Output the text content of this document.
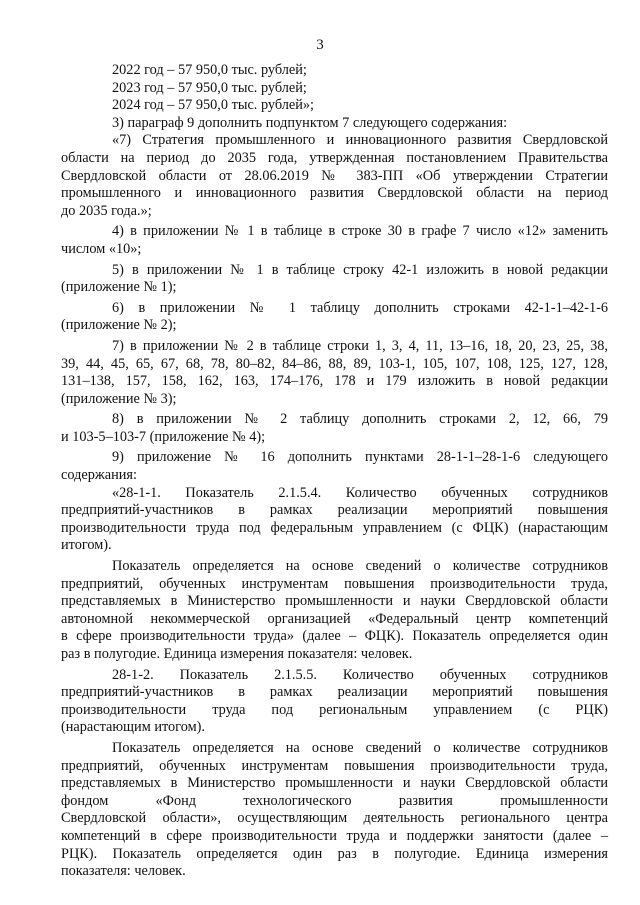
3

2022 год – 57 950,0 тыс. рублей;

2023 год – 57 950,0 тыс. рублей;

2024 год – 57 950,0 тыс. рублей»;

3) параграф 9 дополнить подпунктом 7 следующего содержания:

«7) Стратегия промышленного и инновационного развития Свердловской

области на период до 2035 года, утвержденная постановлением Правительства

Свердловской области от 28.06.2019 № 383-ПП «Об утверждении Стратегии

промышленного и инновационного развития Свердловской области на период

до 2035 года.»;

4) в приложении № 1 в таблице в строке 30 в графе 7 число «12» заменить

числом «10»;

5) в приложении № 1 в таблице строку 42-1 изложить в новой редакции

(приложение № 1);

6) в приложении № 1 таблицу дополнить строками 42-1-1–42-1-6

(приложение № 2);

7) в приложении № 2 в таблице строки 1, 3, 4, 11, 13–16, 18, 20, 23, 25, 38,

39, 44, 45, 65, 67, 68, 78, 80–82, 84–86, 88, 89, 103-1, 105, 107, 108, 125, 127, 128,

131–138, 157, 158, 162, 163, 174–176, 178 и 179 изложить в новой редакции

(приложение № 3);

8) в приложении № 2 таблицу дополнить строками 2, 12, 66, 79

и 103-5–103-7 (приложение № 4);

9) приложение № 16 дополнить пунктами 28-1-1–28-1-6 следующего

содержания:

«28-1-1. Показатель 2.1.5.4. Количество обученных сотрудников

предприятий-участников в рамках реализации мероприятий повышения

производительности труда под федеральным управлением (с ФЦК) (нарастающим

итогом).

Показатель определяется на основе сведений о количестве сотрудников

предприятий, обученных инструментам повышения производительности труда,

представляемых в Министерство промышленности и науки Свердловской области

автономной некоммерческой организацией «Федеральный центр компетенций

в сфере производительности труда» (далее – ФЦК). Показатель определяется один

раз в полугодие. Единица измерения показателя: человек.

28-1-2. Показатель 2.1.5.5. Количество обученных сотрудников

предприятий-участников в рамках реализации мероприятий повышения

производительности труда под региональным управлением (с РЦК)

(нарастающим итогом).

Показатель определяется на основе сведений о количестве сотрудников

предприятий, обученных инструментам повышения производительности труда,

представляемых в Министерство промышленности и науки Свердловской области

фондом «Фонд технологического развития промышленности

Свердловской области», осуществляющим деятельность регионального центра

компетенций в сфере производительности труда и поддержки занятости (далее –

РЦК). Показатель определяется один раз в полугодие. Единица измерения

показателя: человек.
